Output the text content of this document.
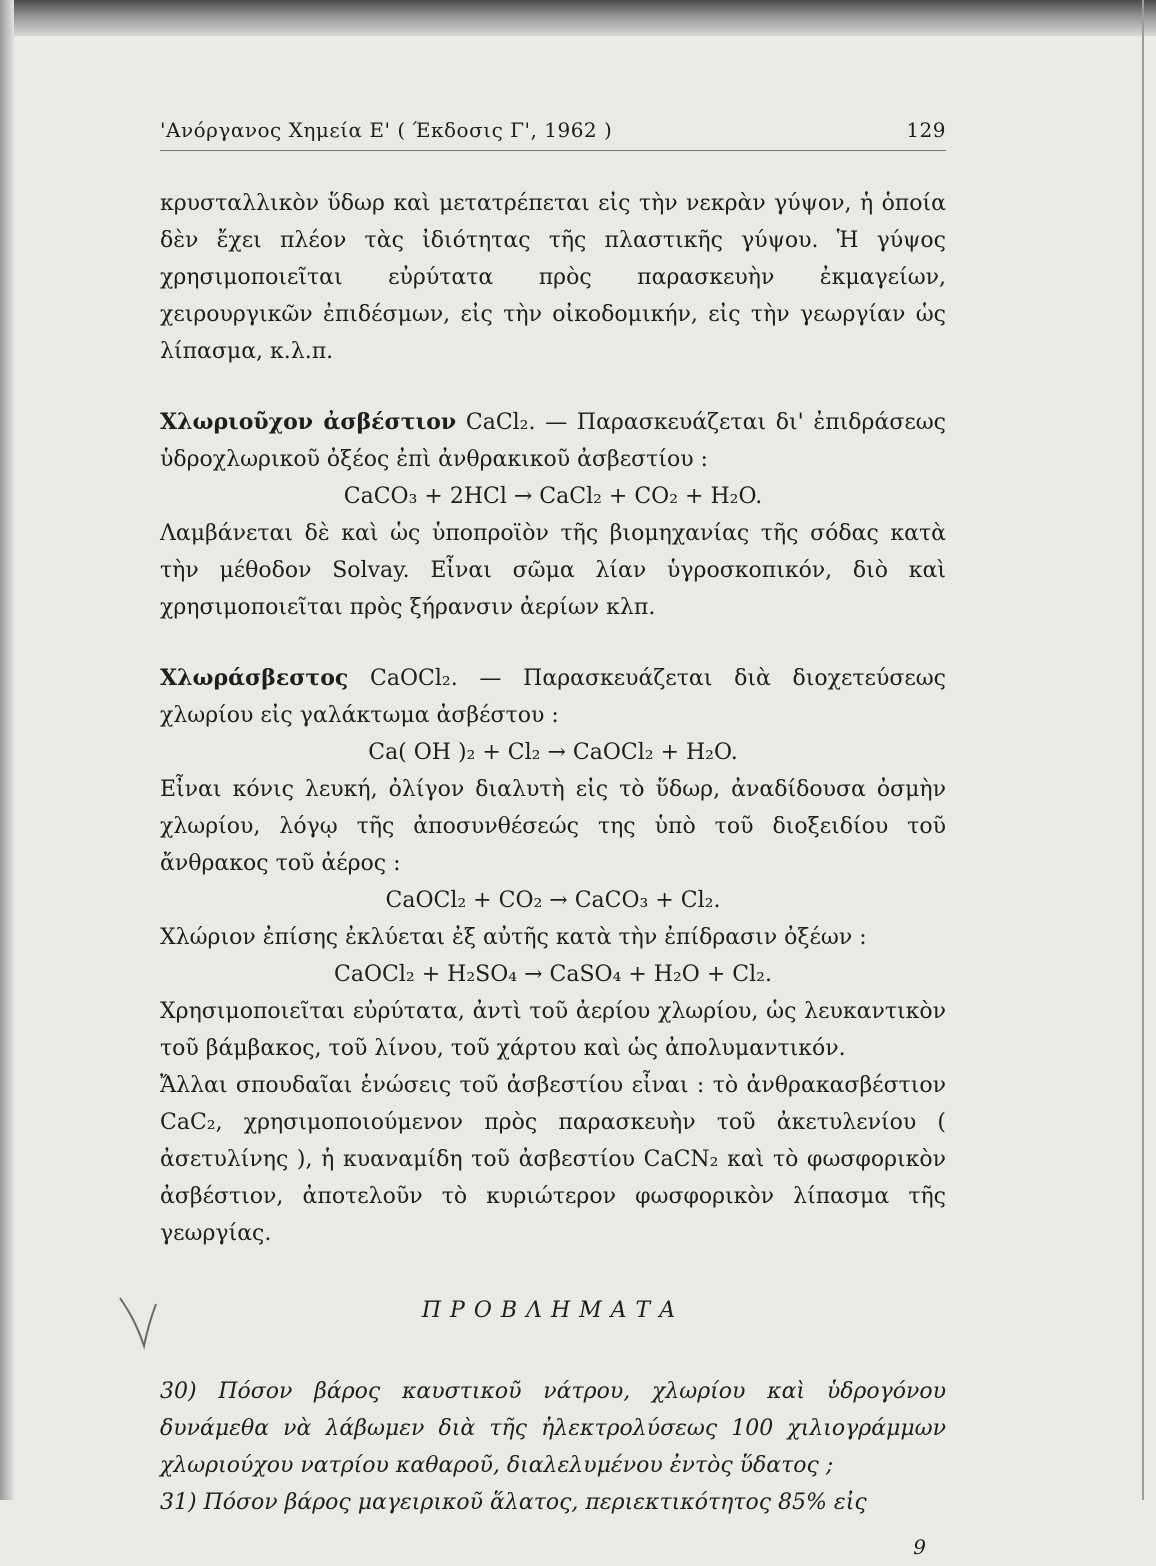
'Ανόργανος Χημεία Ε' ( Έκδοσις Γ', 1962 )	129

κρυσταλλικὸν ὕδωρ καὶ μετατρέπεται εἰς τὴν νεκρὰν γύψον, ἡ ὁποία δὲν ἔχει πλέον τὰς ἰδιότητας τῆς πλαστικῆς γύψου. Ἡ γύψος χρησιμοποιεῖται εὐρύτατα πρὸς παρασκευὴν ἐκμαγείων, χειρουργικῶν ἐπιδέσμων, εἰς τὴν οἰκοδομικήν, εἰς τὴν γεωργίαν ὡς λίπασμα, κ.λ.π.

Χλωριοῦχον ἀσβέστιον CaCl₂. — Παρασκευάζεται δι' ἐπιδράσεως ὑδροχλωρικοῦ ὀξέος ἐπὶ ἀνθρακικοῦ ἀσβεστίου :

CaCO₃ + 2HCl → CaCl₂ + CO₂ + H₂O.

Λαμβάνεται δὲ καὶ ὡς ὑποπροϊὸν τῆς βιομηχανίας τῆς σόδας κατὰ τὴν μέθοδον Solvay. Εἶναι σῶμα λίαν ὑγροσκοπικόν, διὸ καὶ χρησιμοποιεῖται πρὸς ξήρανσιν ἀερίων κλπ.

Χλωράσβεστος CaOCl₂. — Παρασκευάζεται διὰ διοχετεύσεως χλωρίου εἰς γαλάκτωμα ἀσβέστου :

Ca( OH )₂ + Cl₂ → CaOCl₂ + H₂O.

Εἶναι κόνις λευκή, ὀλίγον διαλυτὴ εἰς τὸ ὕδωρ, ἀναδίδουσα ὀσμὴν χλωρίου, λόγῳ τῆς ἀποσυνθέσεώς της ὑπὸ τοῦ διοξειδίου τοῦ ἄνθρακος τοῦ ἀέρος :

CaOCl₂ + CO₂ → CaCO₃ + Cl₂.

Χλώριον ἐπίσης ἐκλύεται ἐξ αὐτῆς κατὰ τὴν ἐπίδρασιν ὀξέων :

CaOCl₂ + H₂SO₄ → CaSO₄ + H₂O + Cl₂.

Χρησιμοποιεῖται εὐρύτατα, ἀντὶ τοῦ ἀερίου χλωρίου, ὡς λευκαντικὸν τοῦ βάμβακος, τοῦ λίνου, τοῦ χάρτου καὶ ὡς ἀπολυμαντικόν.

Ἄλλαι σπουδαῖαι ἑνώσεις τοῦ ἀσβεστίου εἶναι : τὸ ἀνθρακασβέστιον CaC₂, χρησιμοποιούμενον πρὸς παρασκευὴν τοῦ ἀκετυλενίου ( ἀσετυλίνης ), ἡ κυαναμίδη τοῦ ἀσβεστίου CaCN₂ καὶ τὸ φωσφορικὸν ἀσβέστιον, ἀποτελοῦν τὸ κυριώτερον φωσφορικὸν λίπασμα τῆς γεωργίας.

ΠΡΟΒΛΗΜΑΤΑ

30) Πόσον βάρος καυστικοῦ νάτρου, χλωρίου καὶ ὑδρογόνου δυνάμεθα νὰ λάβωμεν διὰ τῆς ἠλεκτρολύσεως 100 χιλιογράμμων χλωριούχου νατρίου καθαροῦ, διαλελυμένου ἐντὸς ὕδατος ;

31) Πόσον βάρος μαγειρικοῦ ἅλατος, περιεκτικότητος 85% εἰς

9
